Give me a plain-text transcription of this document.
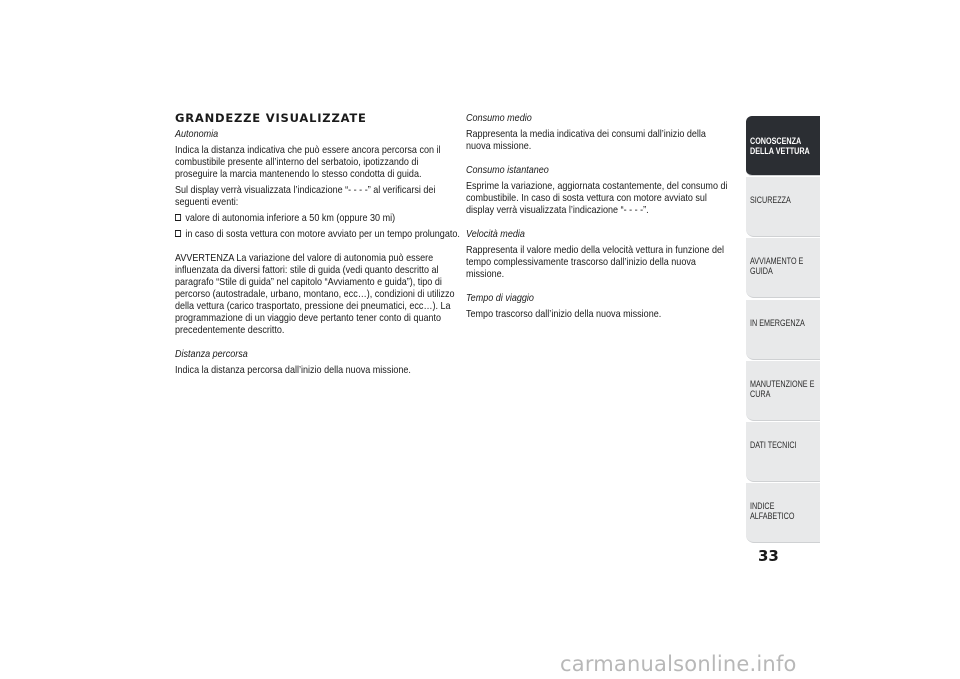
GRANDEZZE VISUALIZZATE

Autonomia

Indica la distanza indicativa che può essere ancora percorsa con il combustibile presente all’interno del serbatoio, ipotizzando di proseguire la marcia mantenendo lo stesso condotta di guida.

Sul display verrà visualizzata l’indicazione “- - - -” al verificarsi dei seguenti eventi:

valore di autonomia inferiore a 50 km (oppure 30 mi)

in caso di sosta vettura con motore avviato per un tempo prolungato.

AVVERTENZA La variazione del valore di autonomia può essere influenzata da diversi fattori: stile di guida (vedi quanto descritto al paragrafo “Stile di guida” nel capitolo “Avviamento e guida”), tipo di percorso (autostradale, urbano, montano, ecc…), condizioni di utilizzo della vettura (carico trasportato, pressione dei pneumatici, ecc…). La programmazione di un viaggio deve pertanto tener conto di quanto precedentemente descritto.

Distanza percorsa

Indica la distanza percorsa dall’inizio della nuova missione.

Consumo medio

Rappresenta la media indicativa dei consumi dall’inizio della nuova missione.

Consumo istantaneo

Esprime la variazione, aggiornata costantemente, del consumo di combustibile. In caso di sosta vettura con motore avviato sul display verrà visualizzata l’indicazione “- - - -”.

Velocità media

Rappresenta il valore medio della velocità vettura in funzione del tempo complessivamente trascorso dall’inizio della nuova missione.

Tempo di viaggio

Tempo trascorso dall’inizio della nuova missione.

CONOSCENZA DELLA VETTURA
SICUREZZA
AVVIAMENTO E GUIDA
IN EMERGENZA
MANUTENZIONE E CURA
DATI TECNICI
INDICE ALFABETICO
33
carmanualsonline.info
